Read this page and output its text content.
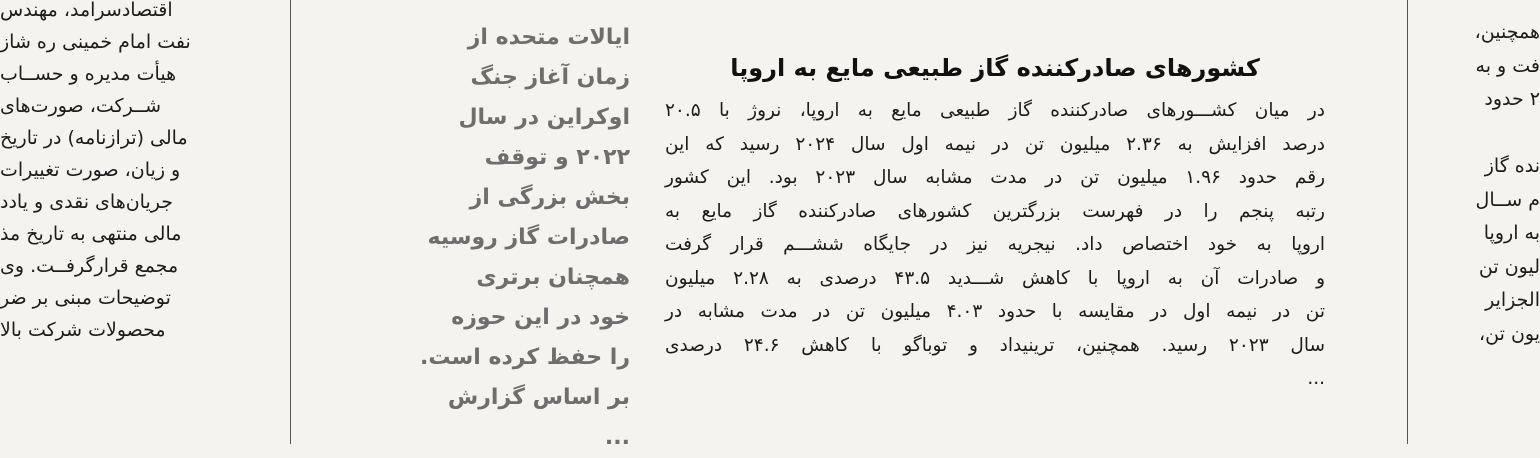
اقتصادسرامد، مهندس
نفت امام خمینی ره شاز
هیأت مدیره و حســاب
شــرکت، صورت‌های
مالی (ترازنامه) در تاریخ
و زیان، صورت تغییرات
جریان‌های نقدی و یادد
مالی منتهی به تاریخ مذ
مجمع قرارگرفــت. وی
توضیحات مبنی بر ضر
محصولات شرکت بالا
ایالات متحده از
زمان آغاز جنگ
اوکراین در سال
۲۰۲۲ و توقف
بخش بزرگی از
صادرات گاز روسیه
همچنان برتری
خود در این حوزه
را حفظ کرده است.
بر اساس گزارش
...
کشورهای صادرکننده گاز طبیعی مایع به اروپا
در میان کشـــورهای صادرکننده گاز طبیعی مایع به اروپا، نروژ با ۲۰.۵
درصد افزایش به ۲.۳۶ میلیون تن در نیمه اول سال ۲۰۲۴ رسید که این
رقم حدود ۱.۹۶ میلیون تن در مدت مشابه سال ۲۰۲۳ بود. این کشور
رتبه پنجم را در فهرست بزرگترین کشورهای صادرکننده گاز مایع به
اروپا به خود اختصاص داد. نیجریه نیز در جایگاه ششـــم قرار گرفت
و صادرات آن به اروپا با کاهش شـــدید ۴۳.۵ درصدی به ۲.۲۸ میلیون
تن در نیمه اول در مقایسه با حدود ۴.۰۳ میلیون تن در مدت مشابه در
سال ۲۰۲۳ رسید. همچنین، ترینیداد و توباگو با کاهش ۲۴.۶ درصدی
...
همچنین،
فت و به
۲ حدود
نده گاز
م ســال
به اروپا
لیون تن
الجزایر
یون تن،
